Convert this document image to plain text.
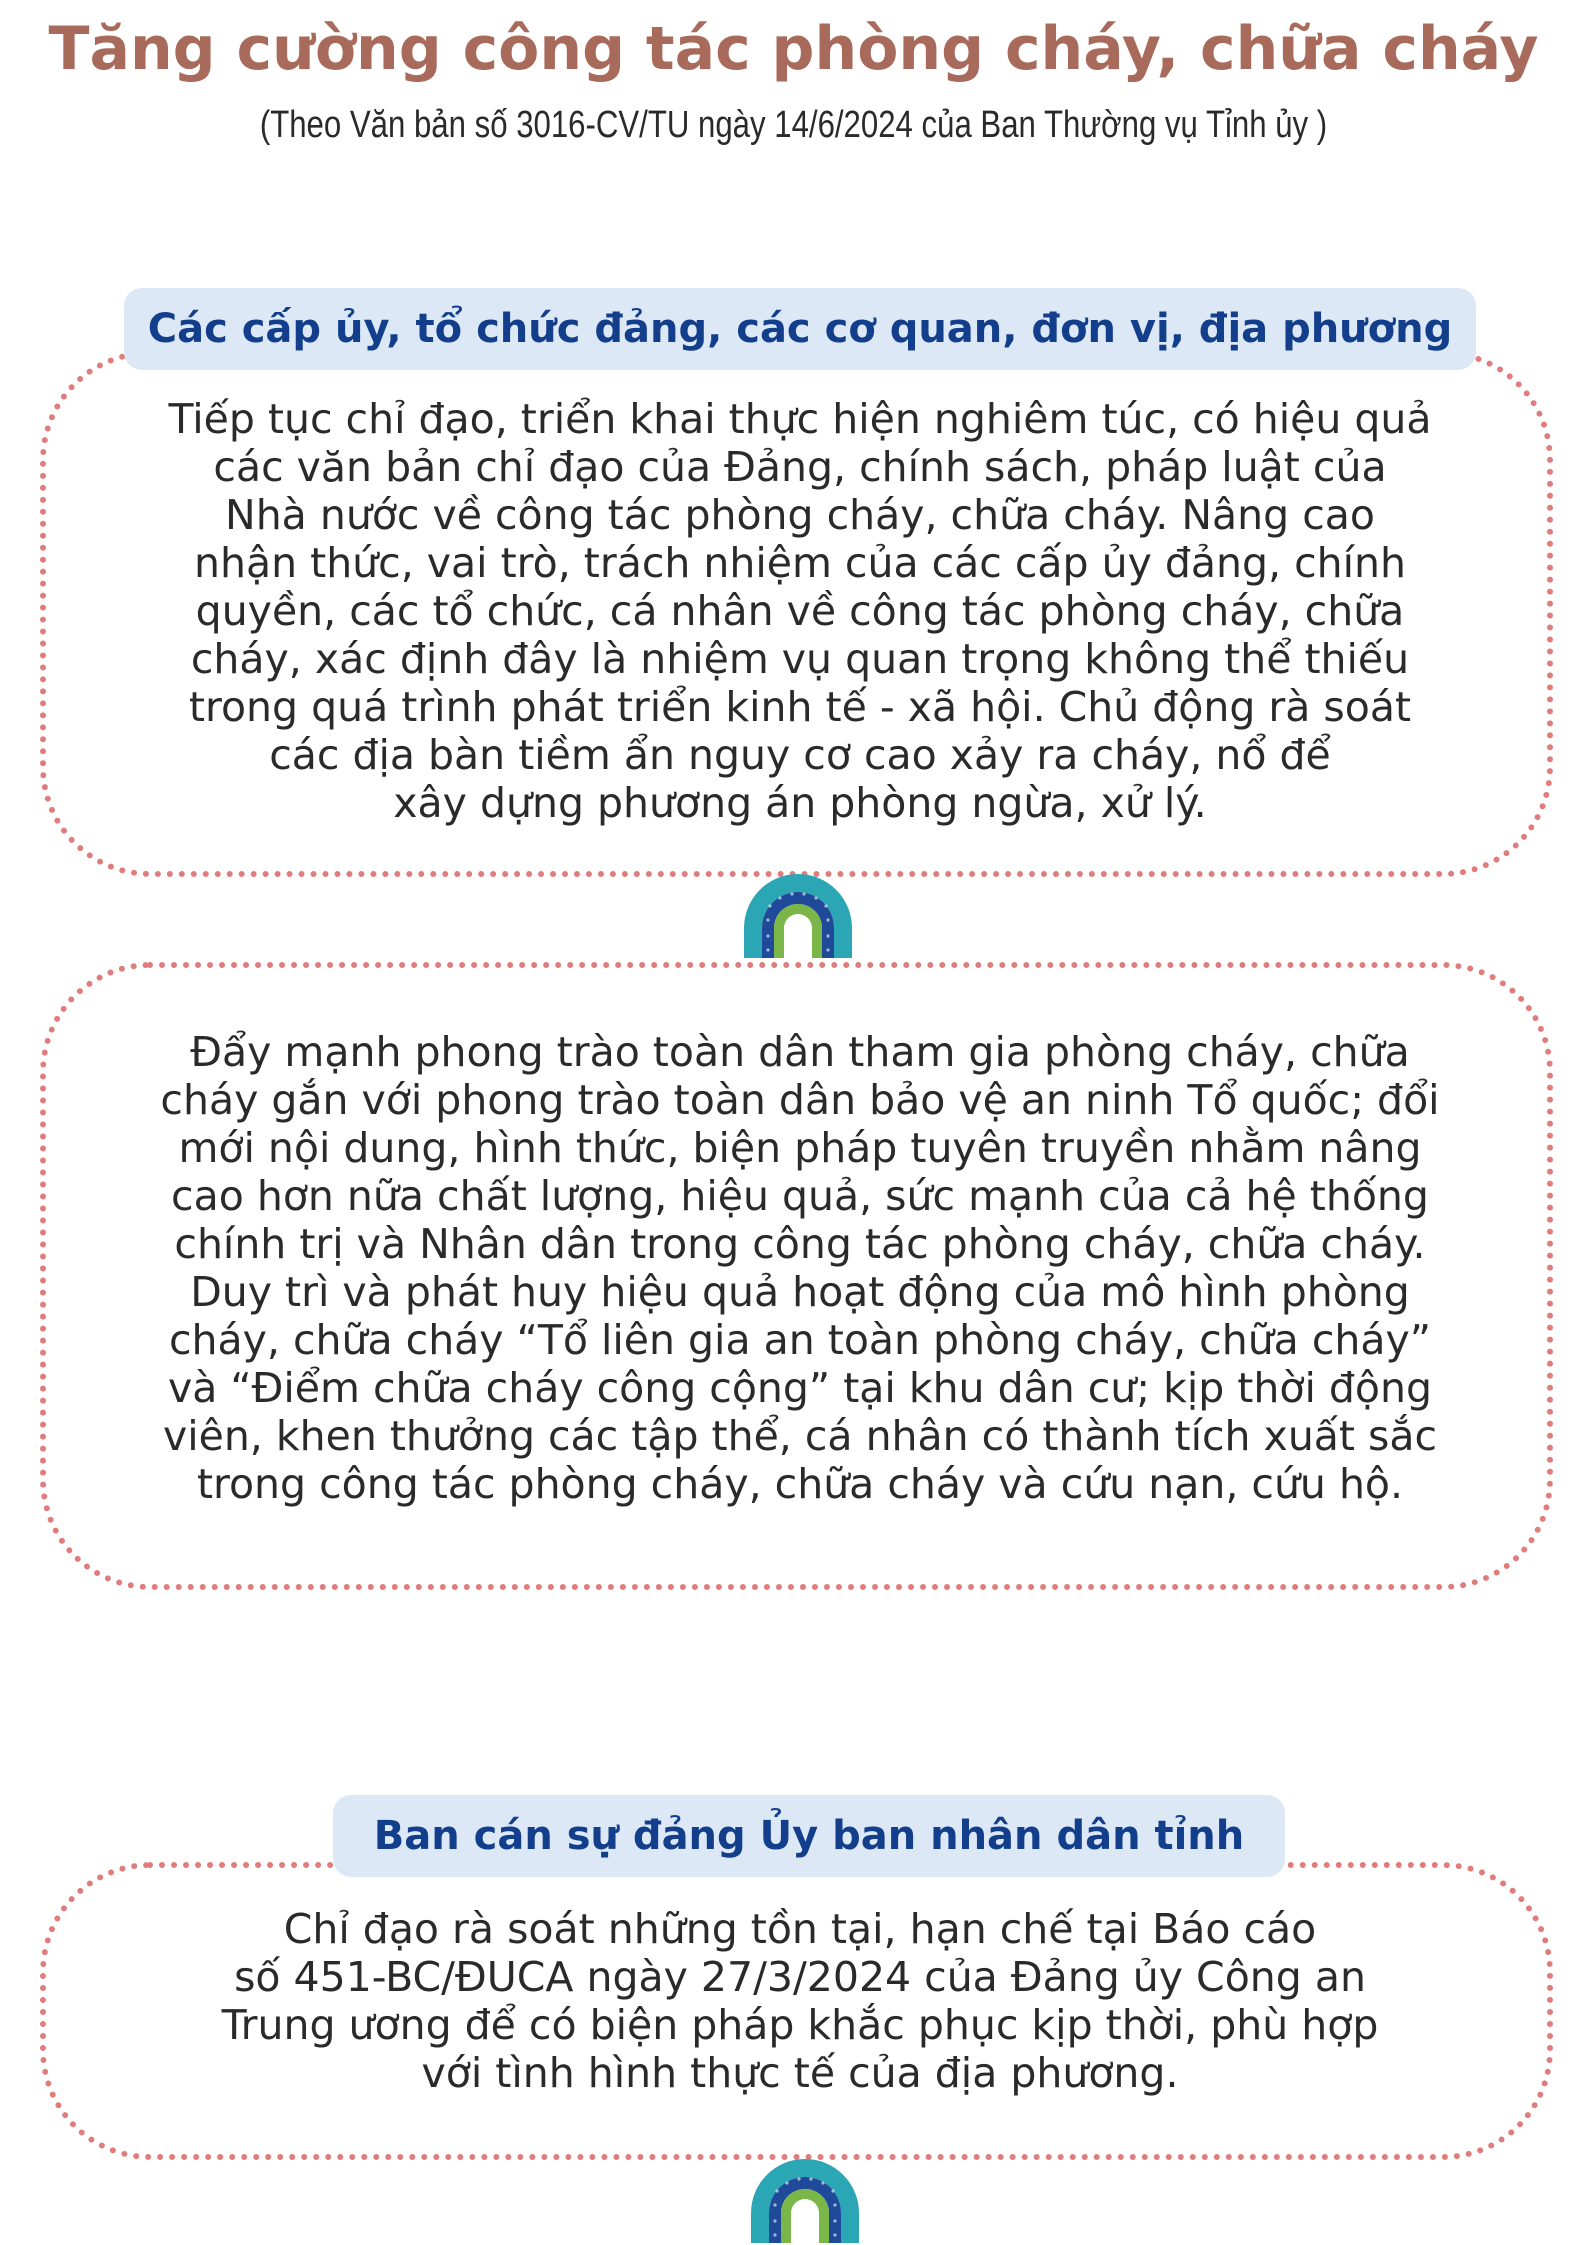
Tăng cường công tác phòng cháy, chữa cháy
(Theo Văn bản số 3016-CV/TU ngày 14/6/2024 của Ban Thường vụ Tỉnh ủy )
Các cấp ủy, tổ chức đảng, các cơ quan, đơn vị, địa phương
Tiếp tục chỉ đạo, triển khai thực hiện nghiêm túc, có hiệu quả
các văn bản chỉ đạo của Đảng, chính sách, pháp luật của
Nhà nước về công tác phòng cháy, chữa cháy. Nâng cao
nhận thức, vai trò, trách nhiệm của các cấp ủy đảng, chính
quyền, các tổ chức, cá nhân về công tác phòng cháy, chữa
cháy, xác định đây là nhiệm vụ quan trọng không thể thiếu
trong quá trình phát triển kinh tế - xã hội. Chủ động rà soát
các địa bàn tiềm ẩn nguy cơ cao xảy ra cháy, nổ để
xây dựng phương án phòng ngừa, xử lý.
Đẩy mạnh phong trào toàn dân tham gia phòng cháy, chữa
cháy gắn với phong trào toàn dân bảo vệ an ninh Tổ quốc; đổi
mới nội dung, hình thức, biện pháp tuyên truyền nhằm nâng
cao hơn nữa chất lượng, hiệu quả, sức mạnh của cả hệ thống
chính trị và Nhân dân trong công tác phòng cháy, chữa cháy.
Duy trì và phát huy hiệu quả hoạt động của mô hình phòng
cháy, chữa cháy “Tổ liên gia an toàn phòng cháy, chữa cháy”
và “Điểm chữa cháy công cộng” tại khu dân cư; kịp thời động
viên, khen thưởng các tập thể, cá nhân có thành tích xuất sắc
trong công tác phòng cháy, chữa cháy và cứu nạn, cứu hộ.
Ban cán sự đảng Ủy ban nhân dân tỉnh
Chỉ đạo rà soát những tồn tại, hạn chế tại Báo cáo
số 451-BC/ĐUCA ngày 27/3/2024 của Đảng ủy Công an
Trung ương để có biện pháp khắc phục kịp thời, phù hợp
với tình hình thực tế của địa phương.
